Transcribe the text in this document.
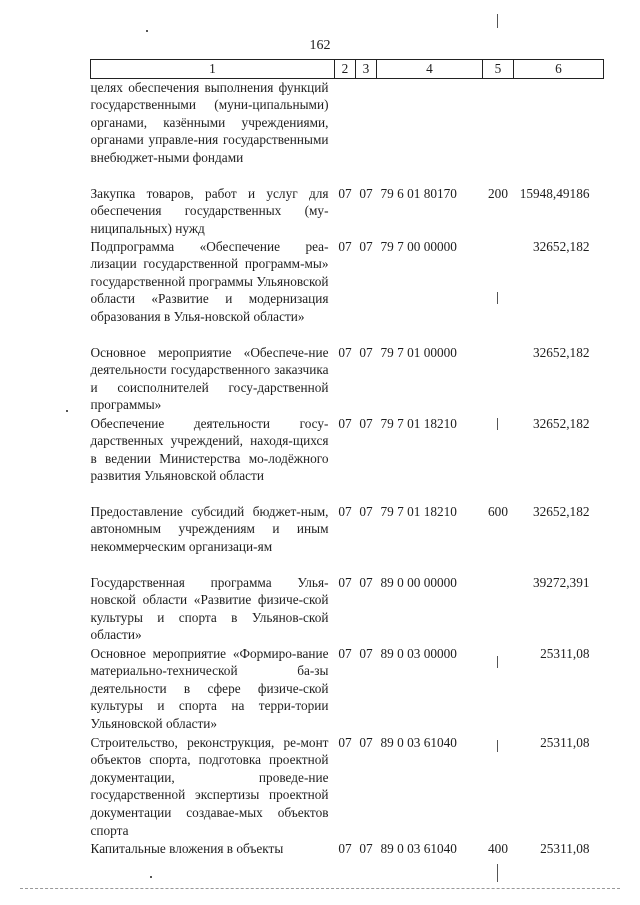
162
1	2	3	4	5	6
целях обеспечения выполнения функций государственными (муни-ципальными) органами, казёнными учреждениями, органами управле-ния государственными внебюджет-ными фондами					
Закупка товаров, работ и услуг для обеспечения государственных (му-ниципальных) нужд	07	07	79 6 01 80170	200	15948,49186
Подпрограмма «Обеспечение реа-лизации государственной программ-мы» государственной программы Ульяновской области «Развитие и модернизация образования в Улья-новской области»	07	07	79 7 00 00000		32652,182
Основное мероприятие «Обеспече-ние деятельности государственного заказчика и соисполнителей госу-дарственной программы»	07	07	79 7 01 00000		32652,182
Обеспечение деятельности госу-дарственных учреждений, находя-щихся в ведении Министерства мо-лодёжного развития Ульяновской области	07	07	79 7 01 18210		32652,182
Предоставление субсидий бюджет-ным, автономным учреждениям и иным некоммерческим организаци-ям	07	07	79 7 01 18210	600	32652,182
Государственная программа Улья-новской области «Развитие физиче-ской культуры и спорта в Ульянов-ской области»	07	07	89 0 00 00000		39272,391
Основное мероприятие «Формиро-вание материально-технической ба-зы деятельности в сфере физиче-ской культуры и спорта на терри-тории Ульяновской области»	07	07	89 0 03 00000		25311,08
Строительство, реконструкция, ре-монт объектов спорта, подготовка проектной документации, проведе-ние государственной экспертизы проектной документации создавае-мых объектов спорта	07	07	89 0 03 61040		25311,08
Капитальные вложения в объекты	07	07	89 0 03 61040	400	25311,08
